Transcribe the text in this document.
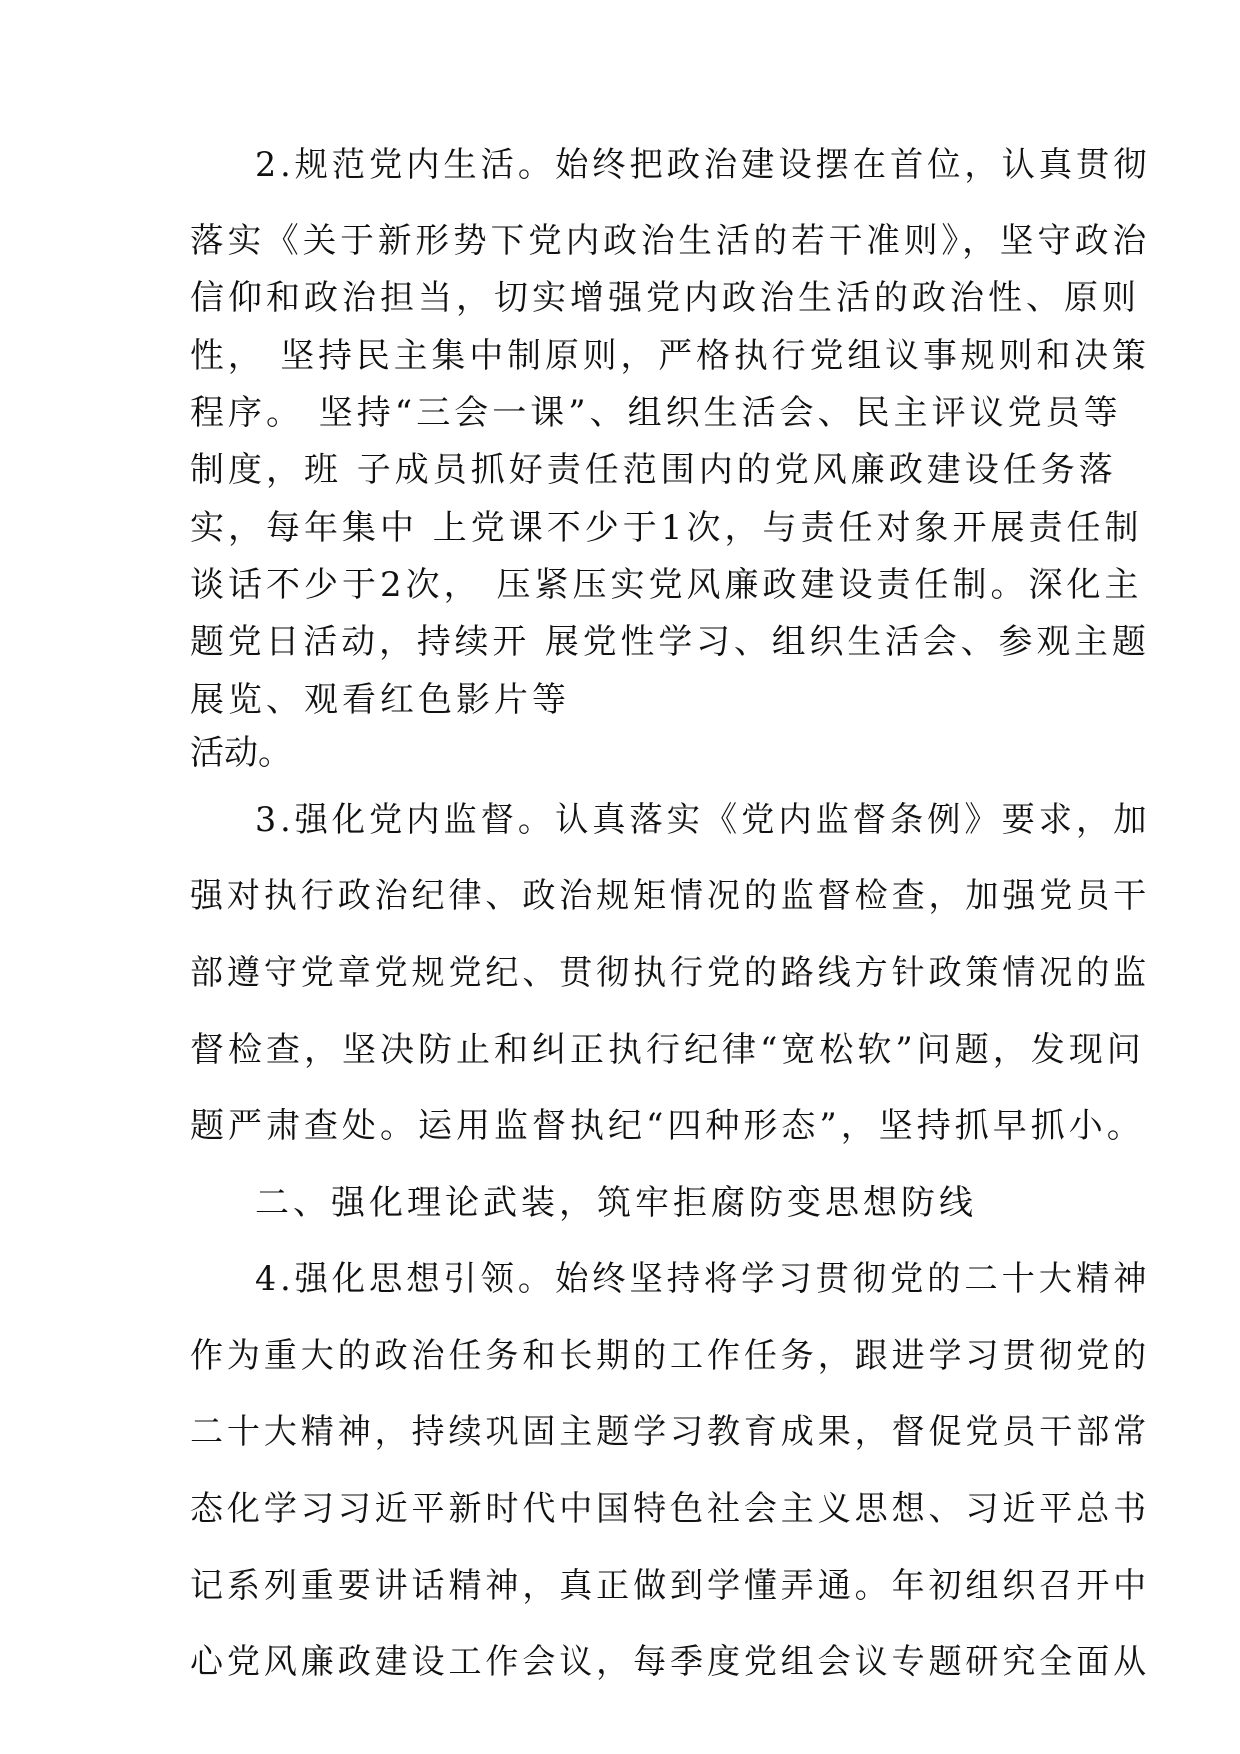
2.规范党内生活。始终把政治建设摆在首位，认真贯彻
落实《关于新形势下党内政治生活的若干准则》，坚守政治
信仰和政治担当，切实增强党内政治生活的政治性、原则
性， 坚持民主集中制原则，严格执行党组议事规则和决策
程序。 坚持“三会一课”、组织生活会、民主评议党员等
制度，班 子成员抓好责任范围内的党风廉政建设任务落
实，每年集中 上党课不少于1次，与责任对象开展责任制
谈话不少于2次， 压紧压实党风廉政建设责任制。深化主
题党日活动，持续开 展党性学习、组织生活会、参观主题
展览、观看红色影片等
活动。
3.强化党内监督。认真落实《党内监督条例》要求，加
强对执行政治纪律、政治规矩情况的监督检查，加强党员干
部遵守党章党规党纪、贯彻执行党的路线方针政策情况的监
督检查，坚决防止和纠正执行纪律“宽松软”问题，发现问
题严肃查处。运用监督执纪“四种形态”，坚持抓早抓小。
二、强化理论武装，筑牢拒腐防变思想防线
4.强化思想引领。始终坚持将学习贯彻党的二十大精神
作为重大的政治任务和长期的工作任务，跟进学习贯彻党的
二十大精神，持续巩固主题学习教育成果，督促党员干部常
态化学习习近平新时代中国特色社会主义思想、习近平总书
记系列重要讲话精神，真正做到学懂弄通。年初组织召开中
心党风廉政建设工作会议，每季度党组会议专题研究全面从
